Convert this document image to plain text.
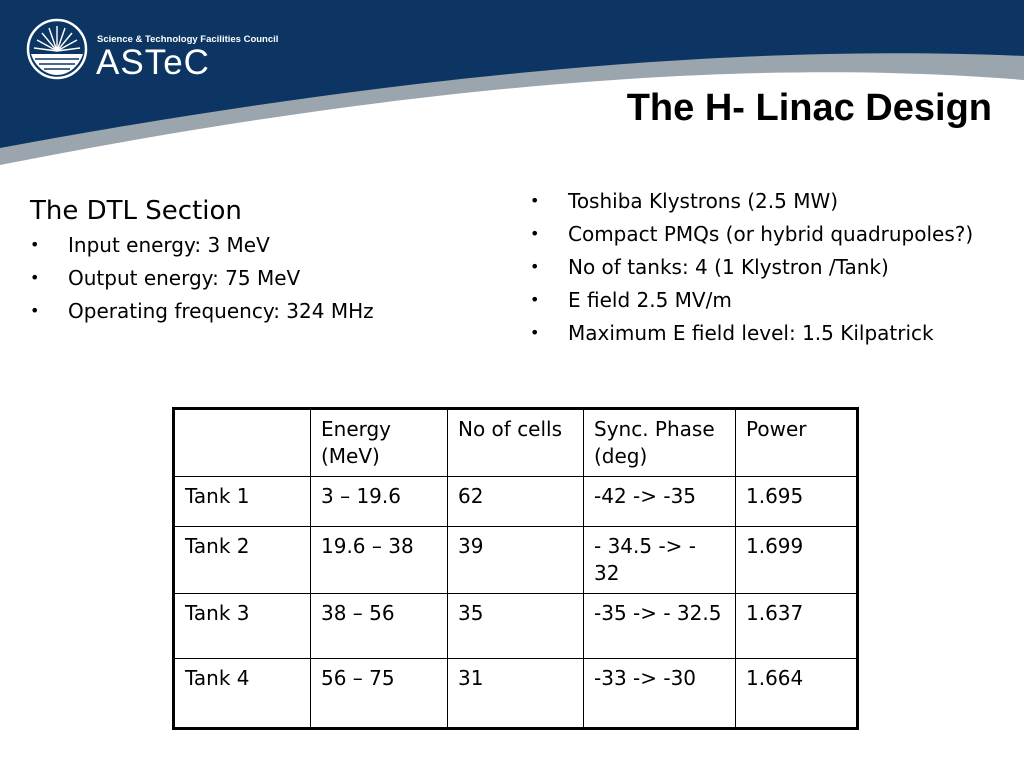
Science & Technology Facilities Council
ASTeC
The H- Linac Design
The DTL Section
• Input energy: 3 MeV
• Output energy: 75 MeV
• Operating frequency: 324 MHz
• Toshiba Klystrons (2.5 MW)
• Compact PMQs (or hybrid quadrupoles?)
• No of tanks: 4 (1 Klystron /Tank)
• E field 2.5 MV/m
• Maximum E field level: 1.5 Kilpatrick
	Energy (MeV)	No of cells	Sync. Phase (deg)	Power
Tank 1	3 – 19.6	62	-42 -> -35	1.695
Tank 2	19.6 – 38	39	- 34.5 -> - 32	1.699
Tank 3	38 – 56	35	-35 -> - 32.5	1.637
Tank 4	56 – 75	31	-33 -> -30	1.664
